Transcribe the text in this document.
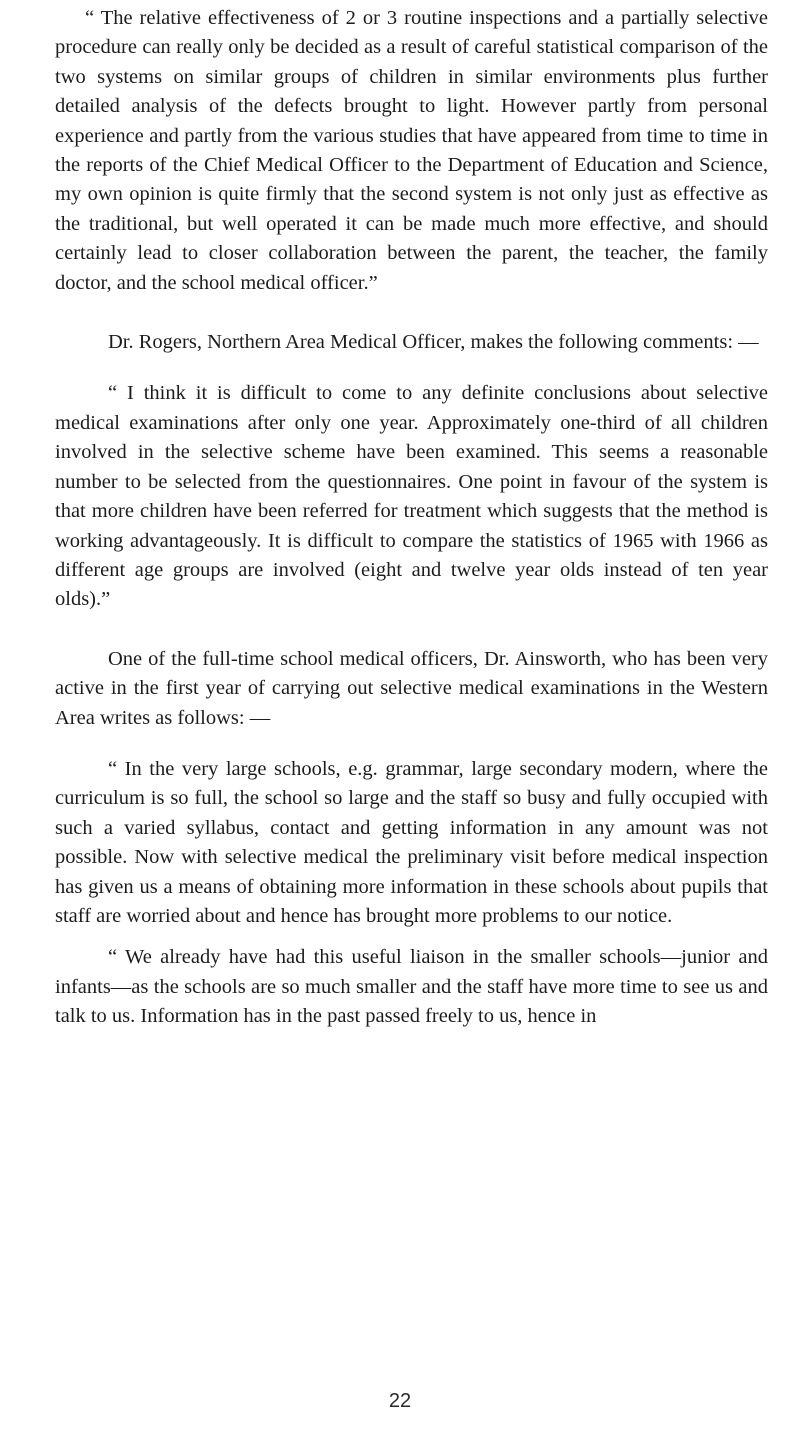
“ The relative effectiveness of 2 or 3 routine inspections and a partially selective procedure can really only be decided as a result of careful statistical comparison of the two systems on similar groups of children in similar environments plus further detailed analysis of the defects brought to light. However partly from personal experience and partly from the various studies that have appeared from time to time in the reports of the Chief Medical Officer to the Department of Education and Science, my own opinion is quite firmly that the second system is not only just as effective as the traditional, but well operated it can be made much more effective, and should certainly lead to closer collaboration between the parent, the teacher, the family doctor, and the school medical officer.”

Dr. Rogers, Northern Area Medical Officer, makes the following comments: —

“ I think it is difficult to come to any definite conclusions about selective medical examinations after only one year. Approximately one-third of all children involved in the selective scheme have been examined. This seems a reasonable number to be selected from the questionnaires. One point in favour of the system is that more children have been referred for treatment which suggests that the method is working advantageously. It is difficult to compare the statistics of 1965 with 1966 as different age groups are involved (eight and twelve year olds instead of ten year olds).”

One of the full-time school medical officers, Dr. Ainsworth, who has been very active in the first year of carrying out selective medical examinations in the Western Area writes as follows: —

“ In the very large schools, e.g. grammar, large secondary modern, where the curriculum is so full, the school so large and the staff so busy and fully occupied with such a varied syllabus, contact and getting information in any amount was not possible. Now with selective medical the preliminary visit before medical inspection has given us a means of obtaining more information in these schools about pupils that staff are worried about and hence has brought more problems to our notice.

“ We already have had this useful liaison in the smaller schools—junior and infants—as the schools are so much smaller and the staff have more time to see us and talk to us. Information has in the past passed freely to us, hence in

22
